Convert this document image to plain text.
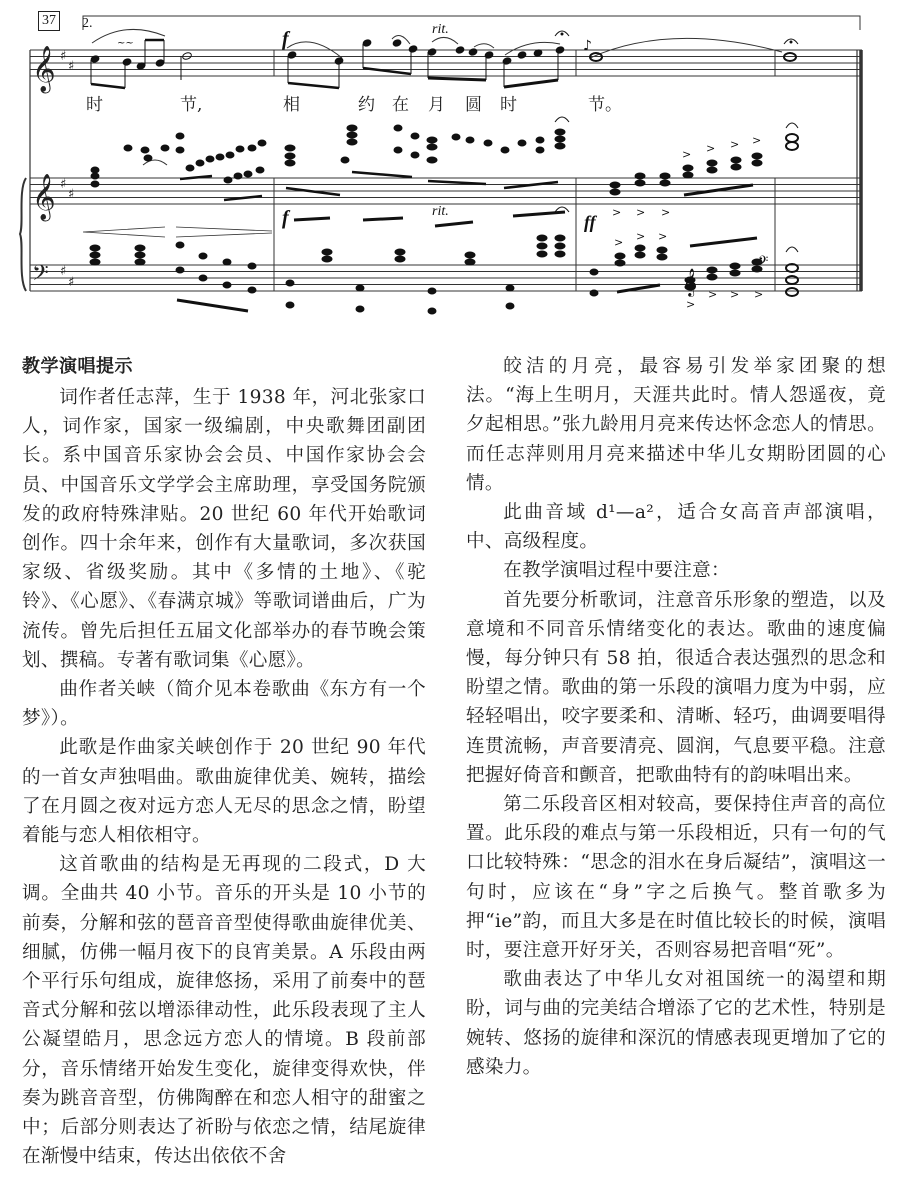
𝄞
𝄞
𝄢
♯
♯
♯
♯
♯
♯
~~	♪
𝄞
𝄢
> > >
> > > >
> > >
>
> > >
37 2.
f
f	ff
rit.
rit.
时	节,	相	约 在 月 圆 时	节。
教学演唱提示

词作者任志萍，生于 1938 年，河北张家口人，词作家，国家一级编剧，中央歌舞团副团长。系中国音乐家协会会员、中国作家协会会员、中国音乐文学学会主席助理，享受国务院颁发的政府特殊津贴。20 世纪 60 年代开始歌词创作。四十余年来，创作有大量歌词，多次获国家级、省级奖励。其中《多情的土地》、《驼铃》、《心愿》、《春满京城》等歌词谱曲后，广为流传。曾先后担任五届文化部举办的春节晚会策划、撰稿。专著有歌词集《心愿》。

曲作者关峡（简介见本卷歌曲《东方有一个梦》）。

此歌是作曲家关峡创作于 20 世纪 90 年代的一首女声独唱曲。歌曲旋律优美、婉转，描绘了在月圆之夜对远方恋人无尽的思念之情，盼望着能与恋人相依相守。

这首歌曲的结构是无再现的二段式，D 大调。全曲共 40 小节。音乐的开头是 10 小节的前奏，分解和弦的琶音音型使得歌曲旋律优美、细腻，仿佛一幅月夜下的良宵美景。A 乐段由两个平行乐句组成，旋律悠扬，采用了前奏中的琶音式分解和弦以增添律动性，此乐段表现了主人公凝望皓月，思念远方恋人的情境。B 段前部分，音乐情绪开始发生变化，旋律变得欢快，伴奏为跳音音型，仿佛陶醉在和恋人相守的甜蜜之中；后部分则表达了祈盼与依恋之情，结尾旋律在渐慢中结束，传达出依依不舍

皎洁的月亮，最容易引发举家团聚的想法。“海上生明月，天涯共此时。情人怨遥夜，竟夕起相思。”张九龄用月亮来传达怀念恋人的情思。而任志萍则用月亮来描述中华儿女期盼团圆的心情。

此曲音域 d¹—a²，适合女高音声部演唱，中、高级程度。

在教学演唱过程中要注意：

首先要分析歌词，注意音乐形象的塑造，以及意境和不同音乐情绪变化的表达。歌曲的速度偏慢，每分钟只有 58 拍，很适合表达强烈的思念和盼望之情。歌曲的第一乐段的演唱力度为中弱，应轻轻唱出，咬字要柔和、清晰、轻巧，曲调要唱得连贯流畅，声音要清亮、圆润，气息要平稳。注意把握好倚音和颤音，把歌曲特有的韵味唱出来。

第二乐段音区相对较高，要保持住声音的高位置。此乐段的难点与第一乐段相近，只有一句的气口比较特殊：“思念的泪水在身后凝结”，演唱这一句时，应该在“身”字之后换气。整首歌多为押“ie”韵，而且大多是在时值比较长的时候，演唱时，要注意开好牙关，否则容易把音唱“死”。

歌曲表达了中华儿女对祖国统一的渴望和期盼，词与曲的完美结合增添了它的艺术性，特别是婉转、悠扬的旋律和深沉的情感表现更增加了它的感染力。
